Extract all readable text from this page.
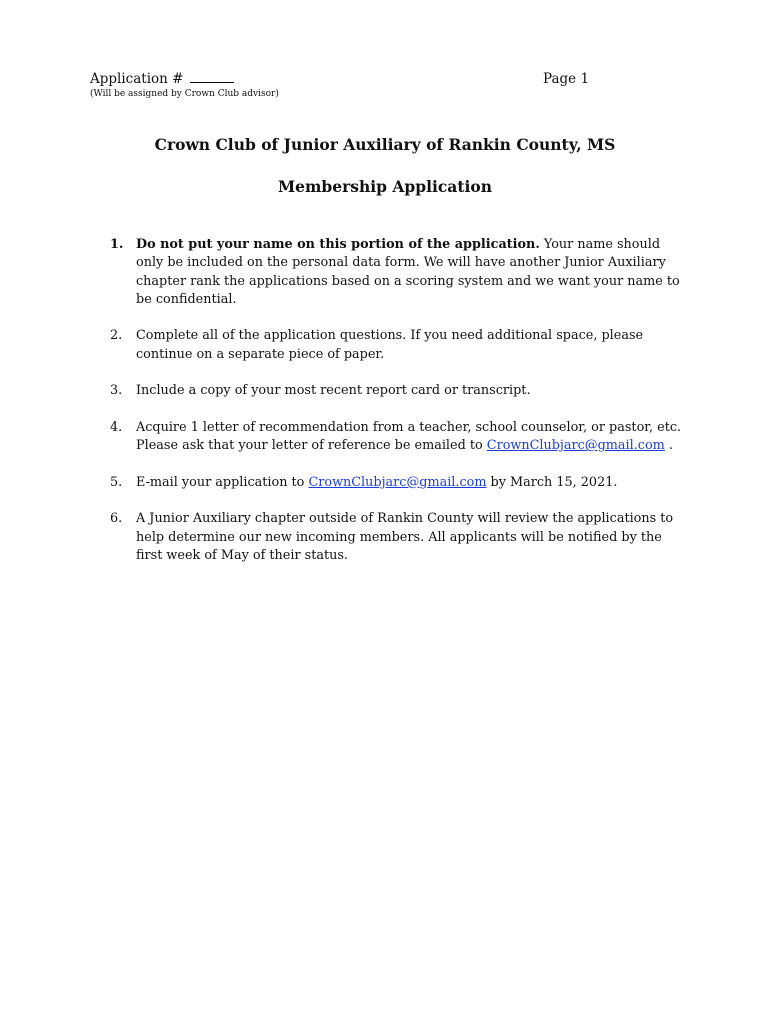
Application #
(Will be assigned by Crown Club advisor)
Page 1
Crown Club of Junior Auxiliary of Rankin County, MS
Membership Application
1. Do not put your name on this portion of the application. Your name should only be included on the personal data form. We will have another Junior Auxiliary chapter rank the applications based on a scoring system and we want your name to be confidential.
2.	Complete all of the application questions. If you need additional space, please continue on a separate piece of paper.
3.	Include a copy of your most recent report card or transcript.
4.	Acquire 1 letter of recommendation from a teacher, school counselor, or pastor, etc. Please ask that your letter of reference be emailed to CrownClubjarc@gmail.com .
5.	E-mail your application to CrownClubjarc@gmail.com by March 15, 2021.
6.	A Junior Auxiliary chapter outside of Rankin County will review the applications to help determine our new incoming members. All applicants will be notified by the first week of May of their status.
